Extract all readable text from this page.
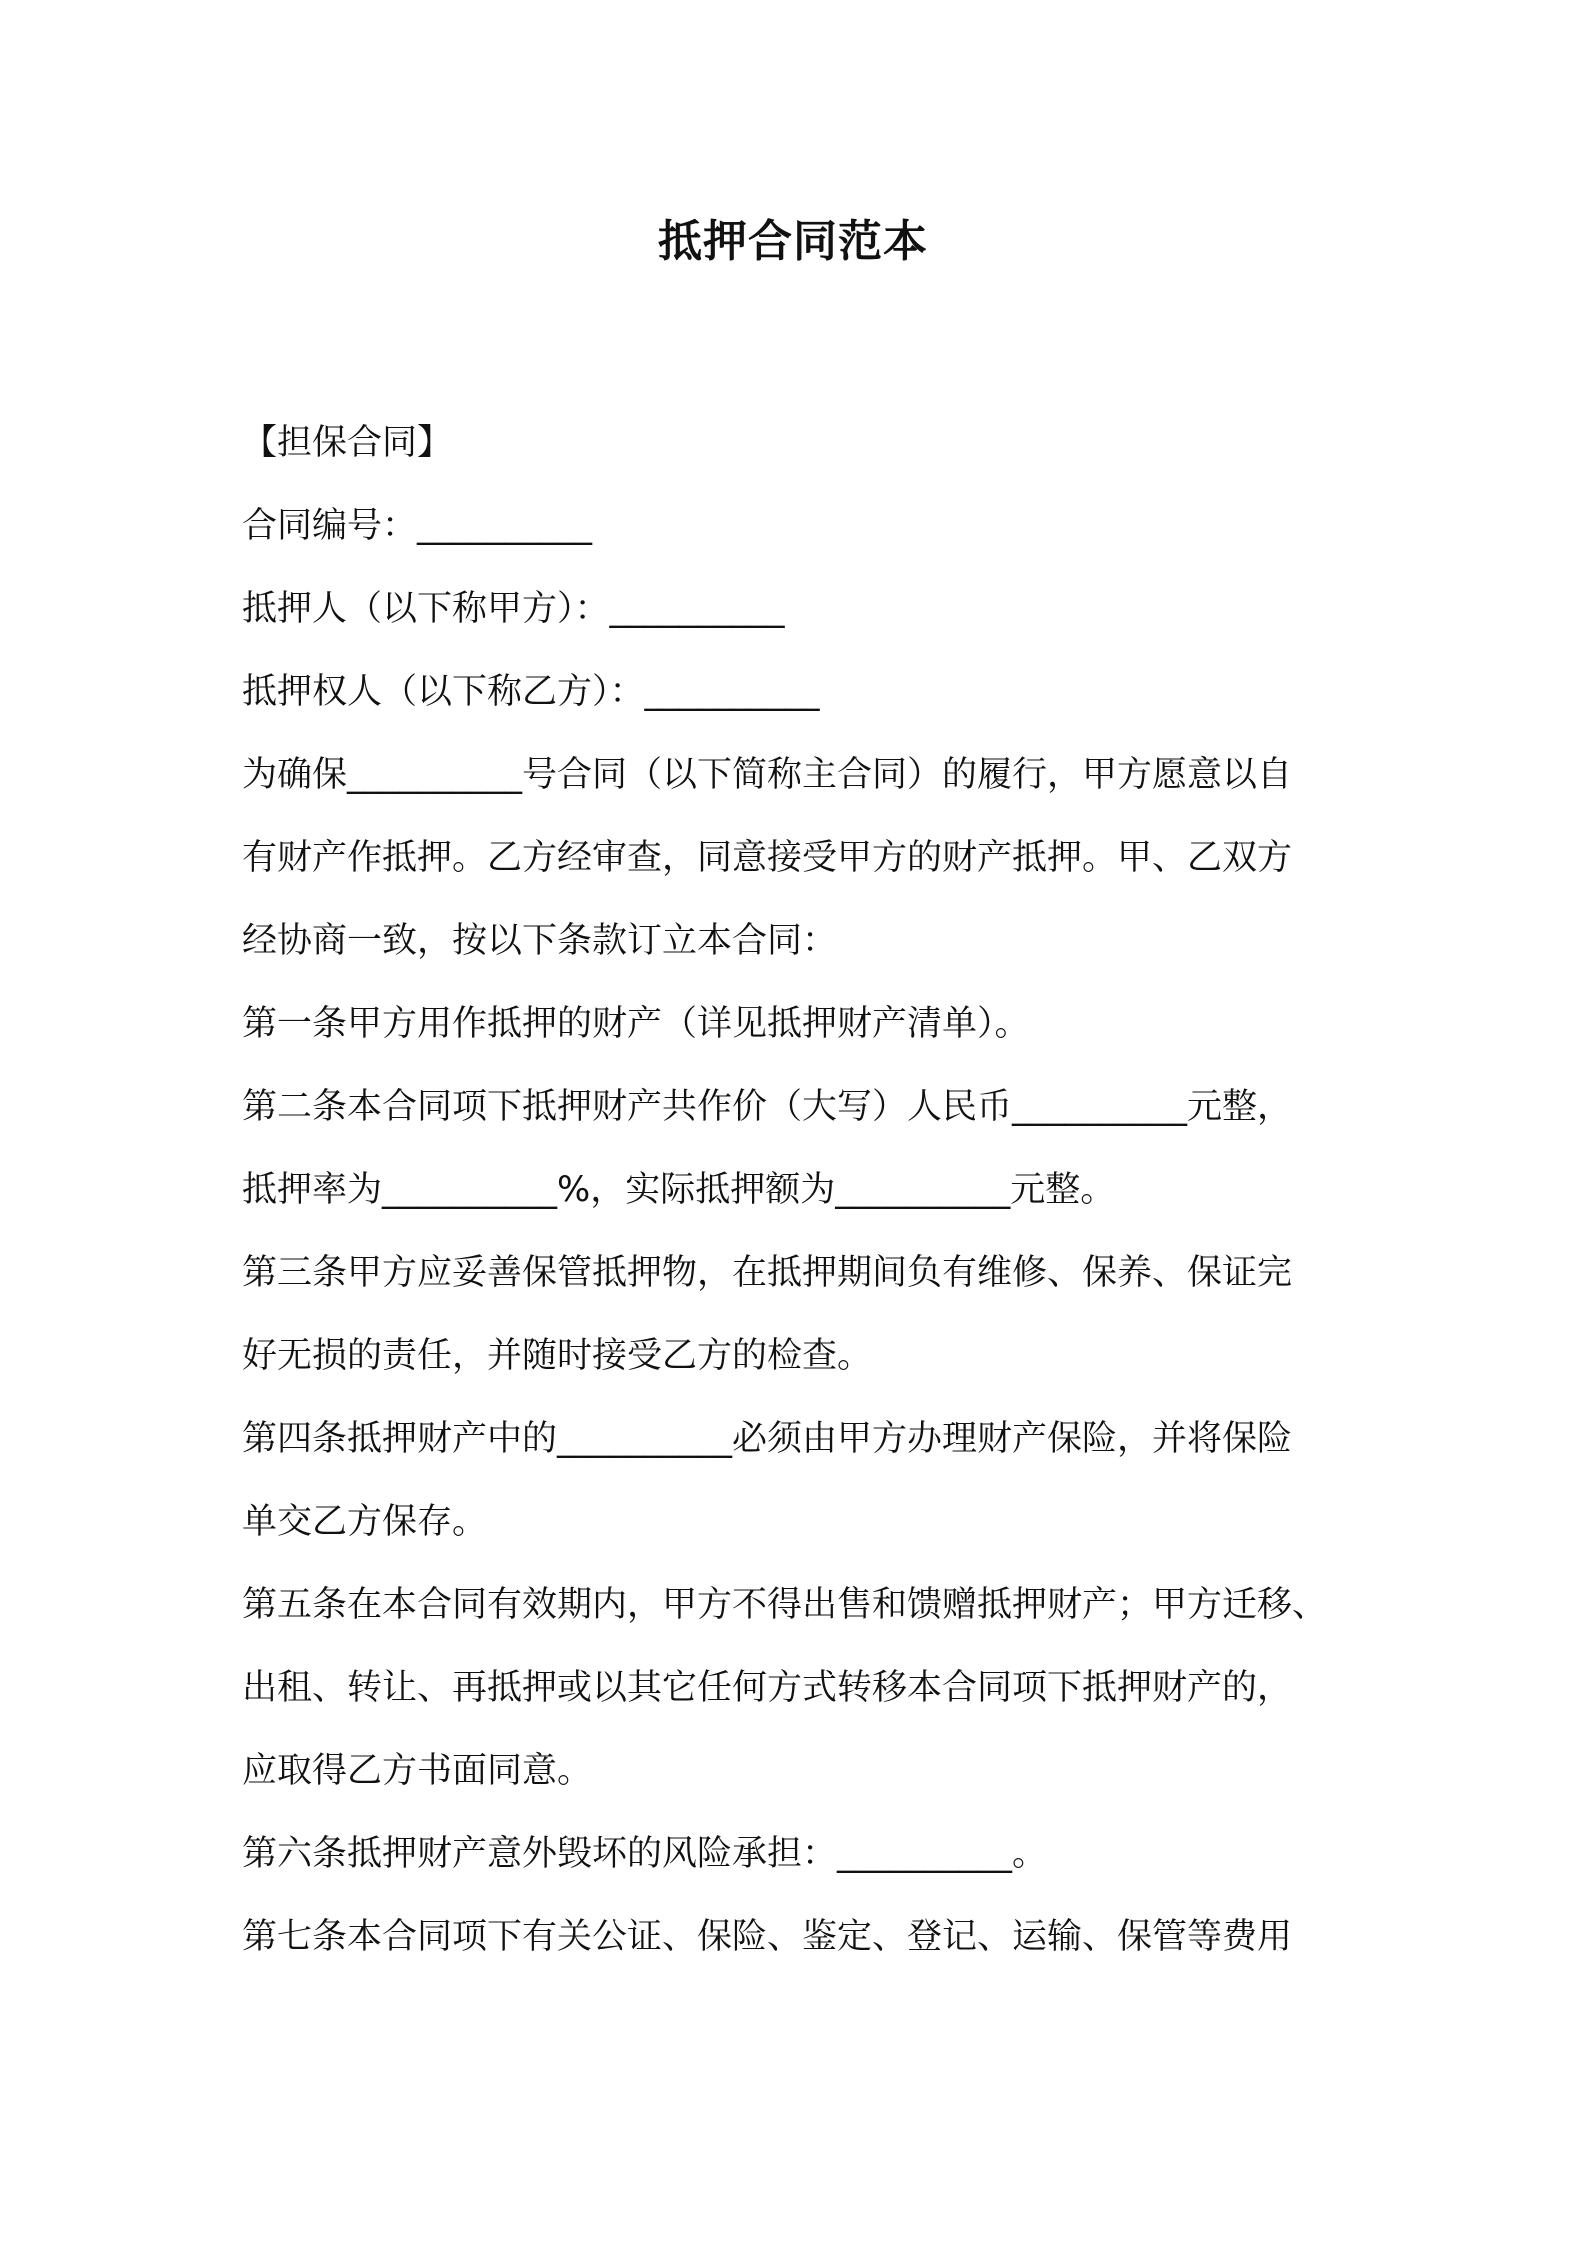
抵押合同范本
【担保合同】
合同编号：__________
抵押人（以下称甲方）：__________
抵押权人（以下称乙方）：__________
为确保__________号合同（以下简称主合同）的履行，甲方愿意以自
有财产作抵押。乙方经审查，同意接受甲方的财产抵押。甲、乙双方
经协商一致，按以下条款订立本合同：
第一条甲方用作抵押的财产（详见抵押财产清单）。
第二条本合同项下抵押财产共作价（大写）人民币__________元整，
抵押率为__________%，实际抵押额为__________元整。
第三条甲方应妥善保管抵押物，在抵押期间负有维修、保养、保证完
好无损的责任，并随时接受乙方的检查。
第四条抵押财产中的__________必须由甲方办理财产保险，并将保险
单交乙方保存。
第五条在本合同有效期内，甲方不得出售和馈赠抵押财产；甲方迁移、
出租、转让、再抵押或以其它任何方式转移本合同项下抵押财产的，
应取得乙方书面同意。
第六条抵押财产意外毁坏的风险承担：__________。
第七条本合同项下有关公证、保险、鉴定、登记、运输、保管等费用
